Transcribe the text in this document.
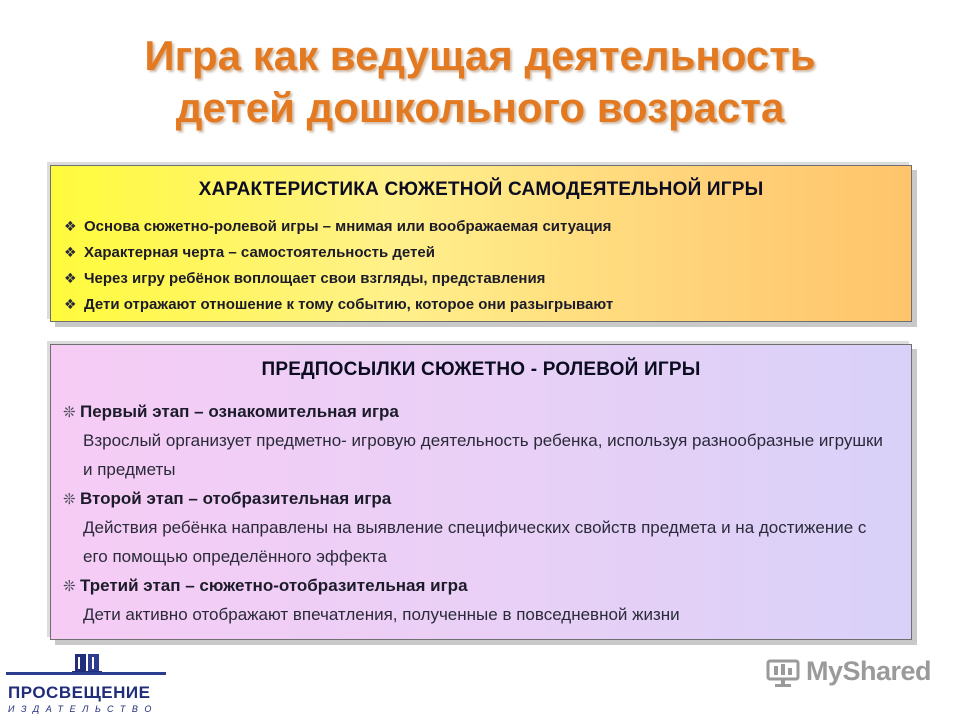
Игра как ведущая деятельность
детей дошкольного возраста
ХАРАКТЕРИСТИКА СЮЖЕТНОЙ САМОДЕЯТЕЛЬНОЙ ИГРЫ
❖ Основа сюжетно-ролевой игры – мнимая или воображаемая ситуация
❖ Характерная черта – самостоятельность детей
❖ Через игру ребёнок воплощает свои взгляды, представления
❖ Дети отражают отношение к тому событию, которое они разыгрывают
ПРЕДПОСЫЛКИ СЮЖЕТНО - РОЛЕВОЙ ИГРЫ
❊ Первый этап – ознакомительная игра
Взрослый организует предметно- игровую деятельность ребенка, используя разнообразные игрушки и предметы
❊ Второй этап – отобразительная игра
Действия ребёнка направлены на выявление специфических свойств предмета и на достижение с его помощью определённого эффекта
❊ Третий этап – сюжетно-отобразительная игра
Дети активно отображают впечатления, полученные в повседневной жизни
ПРОСВЕЩЕНИЕ
ИЗДАТЕЛЬСТВО
MyShared
